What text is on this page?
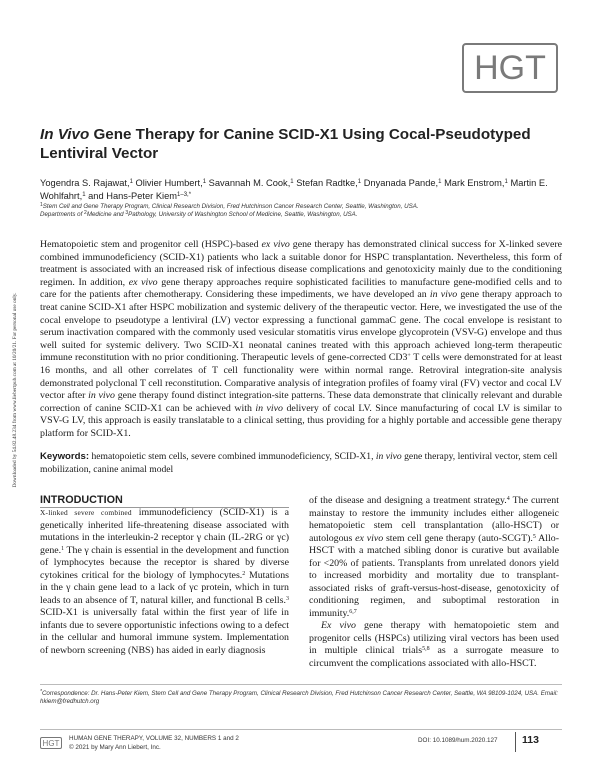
HGT
In Vivo Gene Therapy for Canine SCID-X1 Using Cocal-Pseudotyped Lentiviral Vector
Yogendra S. Rajawat,$^1$ Olivier Humbert,$^1$ Savannah M. Cook,$^1$ Stefan Radtke,$^1$ Dnyanada Pande,$^1$ Mark Enstrom,$^1$ Martin E. Wohlfahrt,$^1$ and Hans-Peter Kiem$^{1-3,*}$
$^1$Stem Cell and Gene Therapy Program, Clinical Research Division, Fred Hutchinson Cancer Research Center, Seattle, Washington, USA.
Departments of $^2$Medicine and $^3$Pathology, University of Washington School of Medicine, Seattle, Washington, USA.
Downloaded by 54.82.48.234 from www.liebertpub.com at 10/20/21. For personal use only.
Hematopoietic stem and progenitor cell (HSPC)-based ex vivo gene therapy has demonstrated clinical success for X-linked severe combined immunodeficiency (SCID-X1) patients who lack a suitable donor for HSPC transplantation. Nevertheless, this form of treatment is associated with an increased risk of infectious disease complications and genotoxicity mainly due to the conditioning regimen. In addition, ex vivo gene therapy approaches require sophisticated facilities to manufacture gene-modified cells and to care for the patients after chemotherapy. Considering these impediments, we have developed an in vivo gene therapy approach to treat canine SCID-X1 after HSPC mobilization and systemic delivery of the therapeutic vector. Here, we investigated the use of the cocal envelope to pseudotype a lentiviral (LV) vector expressing a functional gammaC gene. The cocal envelope is resistant to serum inactivation compared with the commonly used vesicular stomatitis virus envelope glycoprotein (VSV-G) envelope and thus well suited for systemic delivery. Two SCID-X1 neonatal canines treated with this approach achieved long-term therapeutic immune reconstitution with no prior conditioning. Therapeutic levels of gene-corrected CD3+ T cells were demonstrated for at least 16 months, and all other correlates of T cell functionality were within normal range. Retroviral integration-site analysis demonstrated polyclonal T cell reconstitution. Comparative analysis of integration profiles of foamy viral (FV) vector and cocal LV vector after in vivo gene therapy found distinct integration-site patterns. These data demonstrate that clinically relevant and durable correction of canine SCID-X1 can be achieved with in vivo delivery of cocal LV. Since manufacturing of cocal LV is similar to VSV-G LV, this approach is easily translatable to a clinical setting, thus providing for a highly portable and accessible gene therapy platform for SCID-X1.
Keywords: hematopoietic stem cells, severe combined immunodeficiency, SCID-X1, in vivo gene therapy, lentiviral vector, stem cell mobilization, canine animal model
INTRODUCTION

X-linked severe combined immunodeficiency (SCID-X1) is a genetically inherited life-threatening disease associated with mutations in the interleukin-2 receptor γ chain (IL-2RG or γc) gene.$^1$ The γ chain is essential in the development and function of lymphocytes because the receptor is shared by diverse cytokines critical for the biology of lymphocytes.$^2$ Mutations in the γ chain gene lead to a lack of γc protein, which in turn leads to an absence of T, natural killer, and functional B cells.$^3$ SCID-X1 is universally fatal within the first year of life in infants due to severe opportunistic infections owing to a defect in the cellular and humoral immune system. Implementation of newborn screening (NBS) has aided in early diagnosis

of the disease and designing a treatment strategy.$^4$ The current mainstay to restore the immunity includes either allogeneic hematopoietic stem cell transplantation (allo-HSCT) or autologous ex vivo stem cell gene therapy (auto-SCGT).$^5$ Allo-HSCT with a matched sibling donor is curative but available for <20% of patients. Transplants from unrelated donors yield to increased morbidity and mortality due to transplant-associated risks of graft-versus-host-disease, genotoxicity of conditioning regimen, and suboptimal restoration in immunity.$^{6,7}$

Ex vivo gene therapy with hematopoietic stem and progenitor cells (HSPCs) utilizing viral vectors has been used in multiple clinical trials$^{5,8}$ as a surrogate measure to circumvent the complications associated with allo-HSCT.

*Correspondence: Dr. Hans-Peter Kiem, Stem Cell and Gene Therapy Program, Clinical Research Division, Fred Hutchinson Cancer Research Center, Seattle, WA 98109-1024, USA. Email: hkiem@fredhutch.org
HGT	HUMAN GENE THERAPY, VOLUME 32, NUMBERS 1 and 2
© 2021 by Mary Ann Liebert, Inc.
DOI: 10.1089/hum.2020.127 113
